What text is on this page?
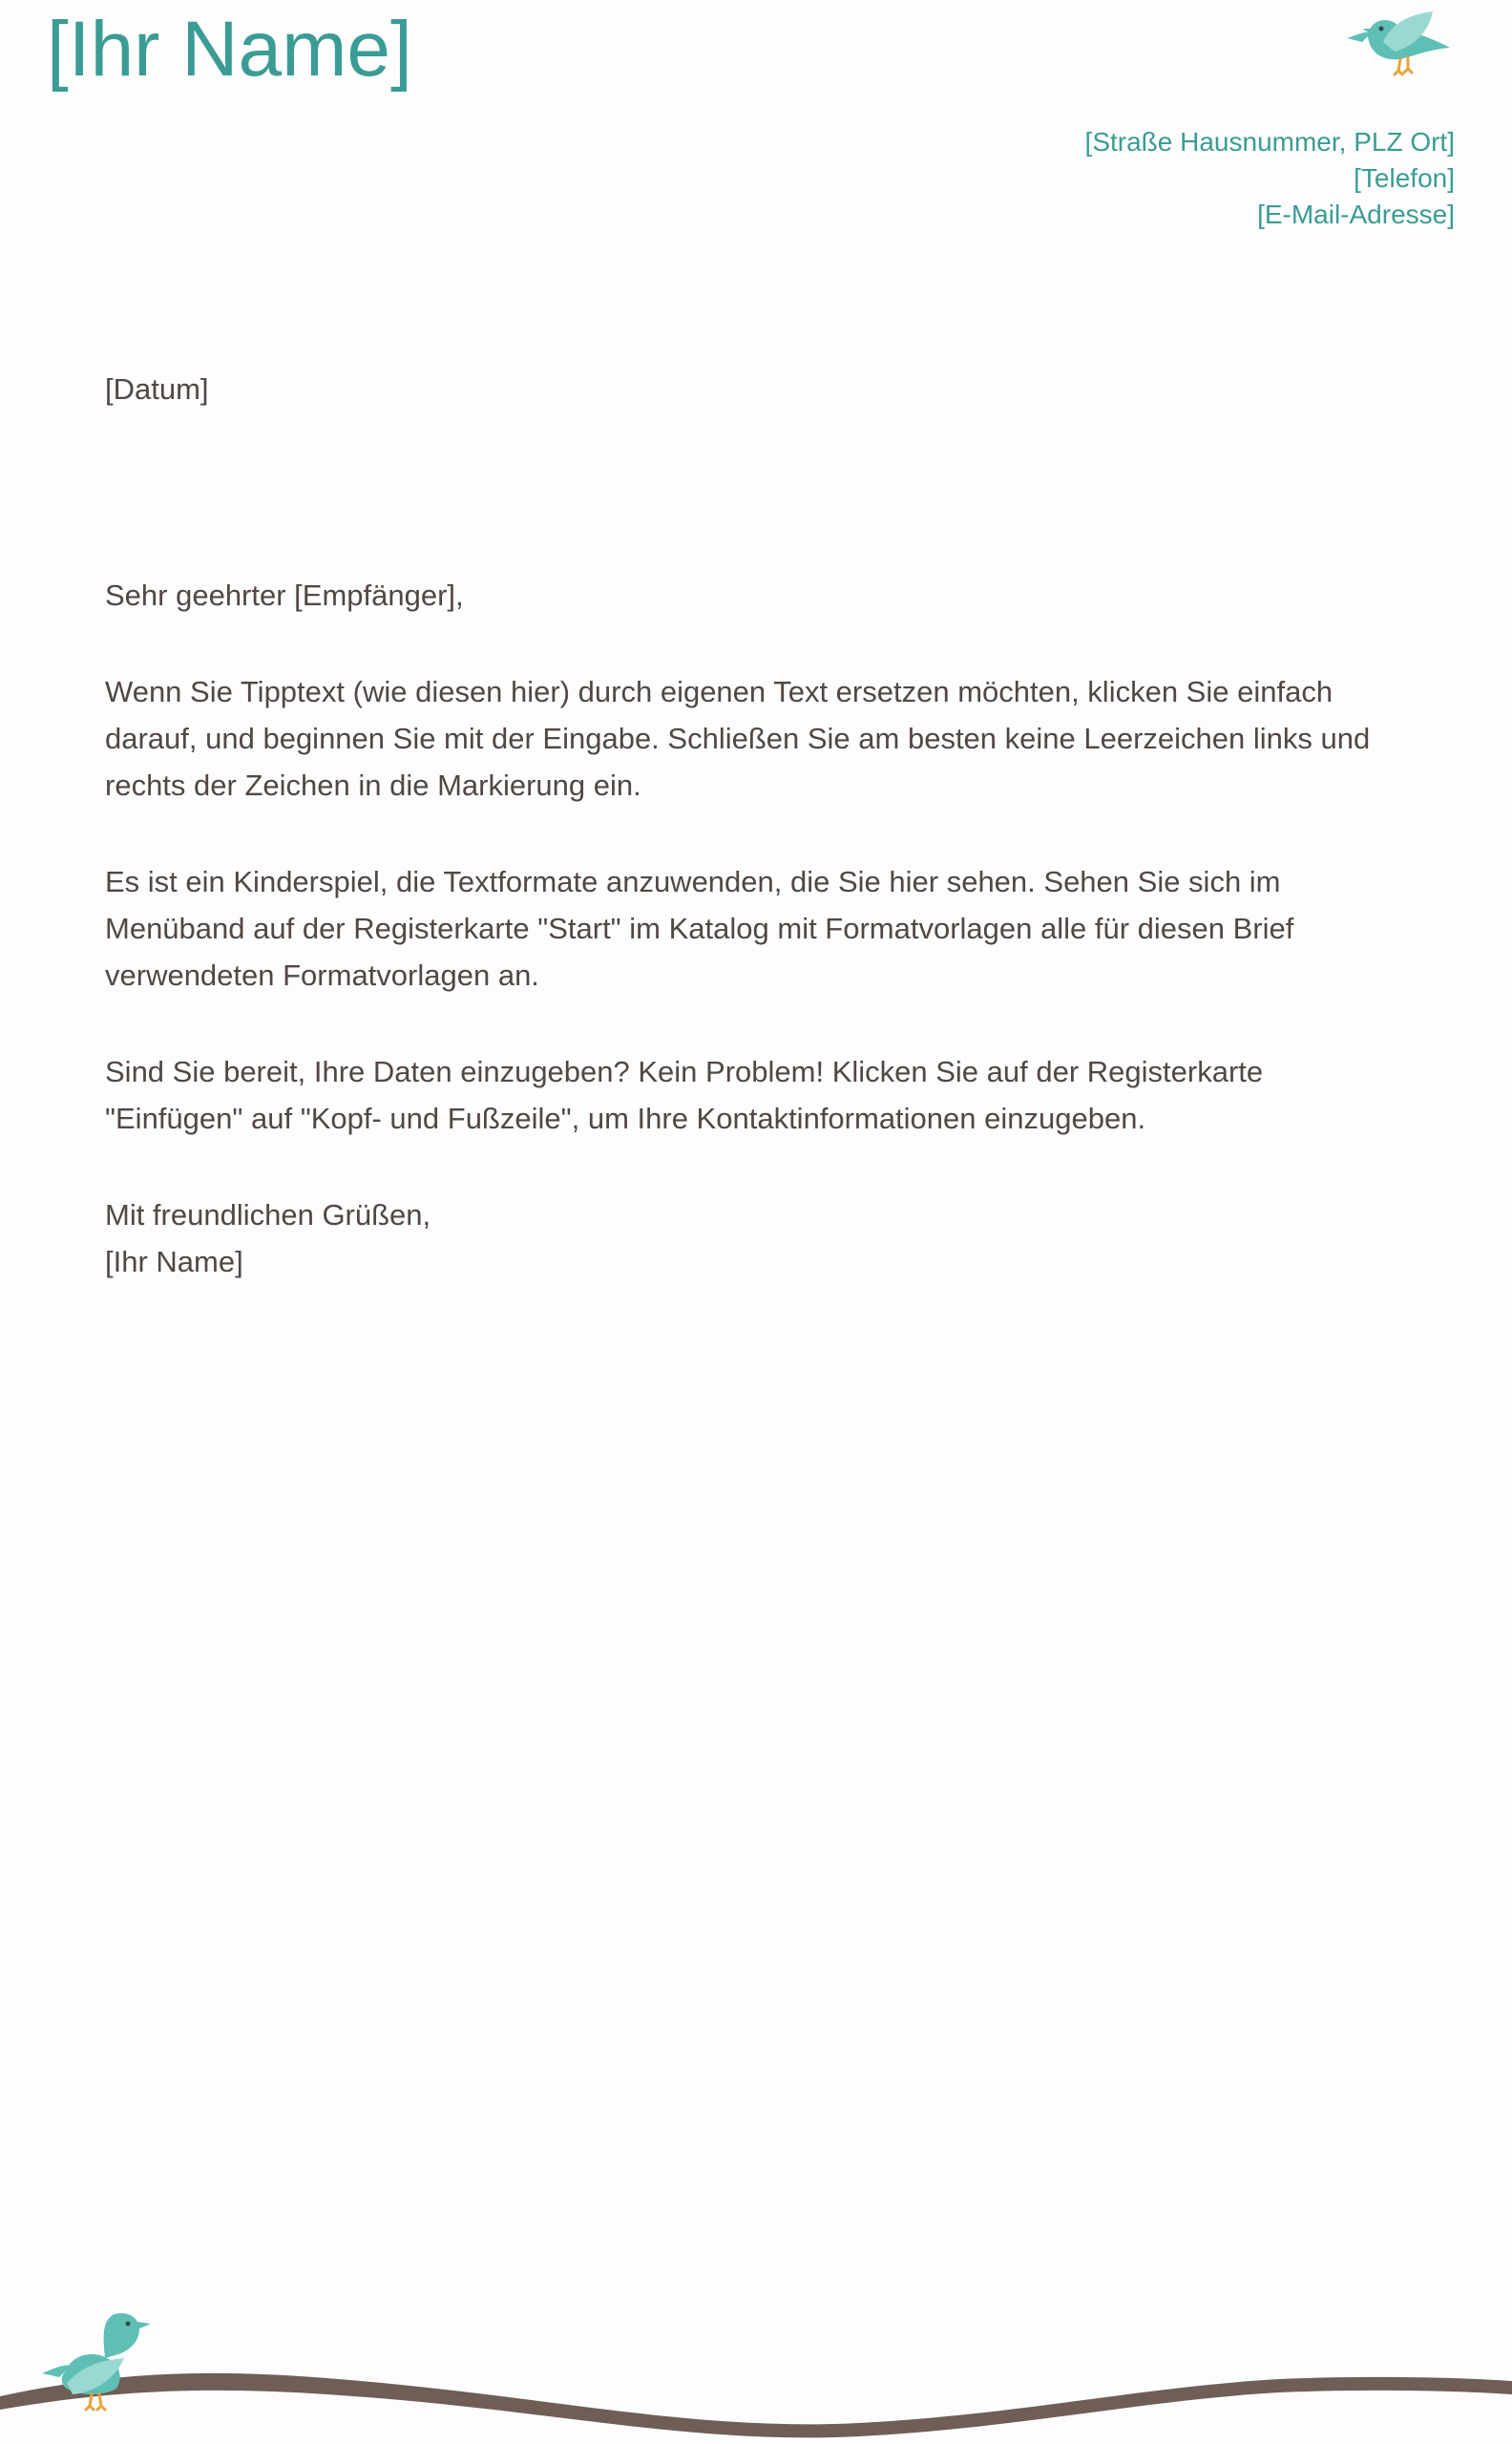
[Ihr Name]
[Straße Hausnummer, PLZ Ort]
[Telefon]
[E-Mail-Adresse]
[Datum]
Sehr geehrter [Empfänger],
Wenn Sie Tipptext (wie diesen hier) durch eigenen Text ersetzen möchten, klicken Sie einfach
darauf, und beginnen Sie mit der Eingabe. Schließen Sie am besten keine Leerzeichen links und
rechts der Zeichen in die Markierung ein.
Es ist ein Kinderspiel, die Textformate anzuwenden, die Sie hier sehen. Sehen Sie sich im
Menüband auf der Registerkarte "Start" im Katalog mit Formatvorlagen alle für diesen Brief
verwendeten Formatvorlagen an.
Sind Sie bereit, Ihre Daten einzugeben? Kein Problem! Klicken Sie auf der Registerkarte
"Einfügen" auf "Kopf- und Fußzeile", um Ihre Kontaktinformationen einzugeben.
Mit freundlichen Grüßen,
[Ihr Name]
